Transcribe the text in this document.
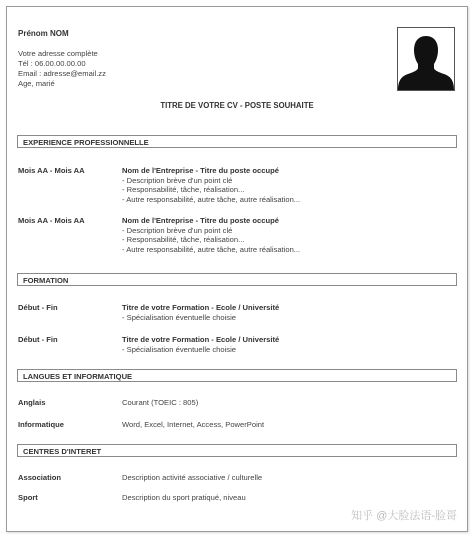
Prénom NOM
Votre adresse complète
Tél : 06.00.00.00.00
Email : adresse@email.zz
Age, marié
TITRE DE VOTRE CV - POSTE SOUHAITE
EXPERIENCE PROFESSIONNELLE
Mois AA - Mois AA	Nom de l'Entreprise - Titre du poste occupé
- Description brève d'un point clé
- Responsabilité, tâche, réalisation...
- Autre responsabilité, autre tâche, autre réalisation...
Mois AA - Mois AA	Nom de l'Entreprise - Titre du poste occupé
- Description brève d'un point clé
- Responsabilité, tâche, réalisation...
- Autre responsabilité, autre tâche, autre réalisation...
FORMATION
Début - Fin	Titre de votre Formation - Ecole / Université
- Spécialisation éventuelle choisie
Début - Fin	Titre de votre Formation - Ecole / Université
- Spécialisation éventuelle choisie
LANGUES ET INFORMATIQUE
Anglais	Courant (TOEIC : 805)
Informatique	Word, Excel, Internet, Access, PowerPoint
CENTRES D'INTERET
Association	Description activité associative / culturelle
Sport	Description du sport pratiqué, niveau
知乎 @大脸法语-脸哥
